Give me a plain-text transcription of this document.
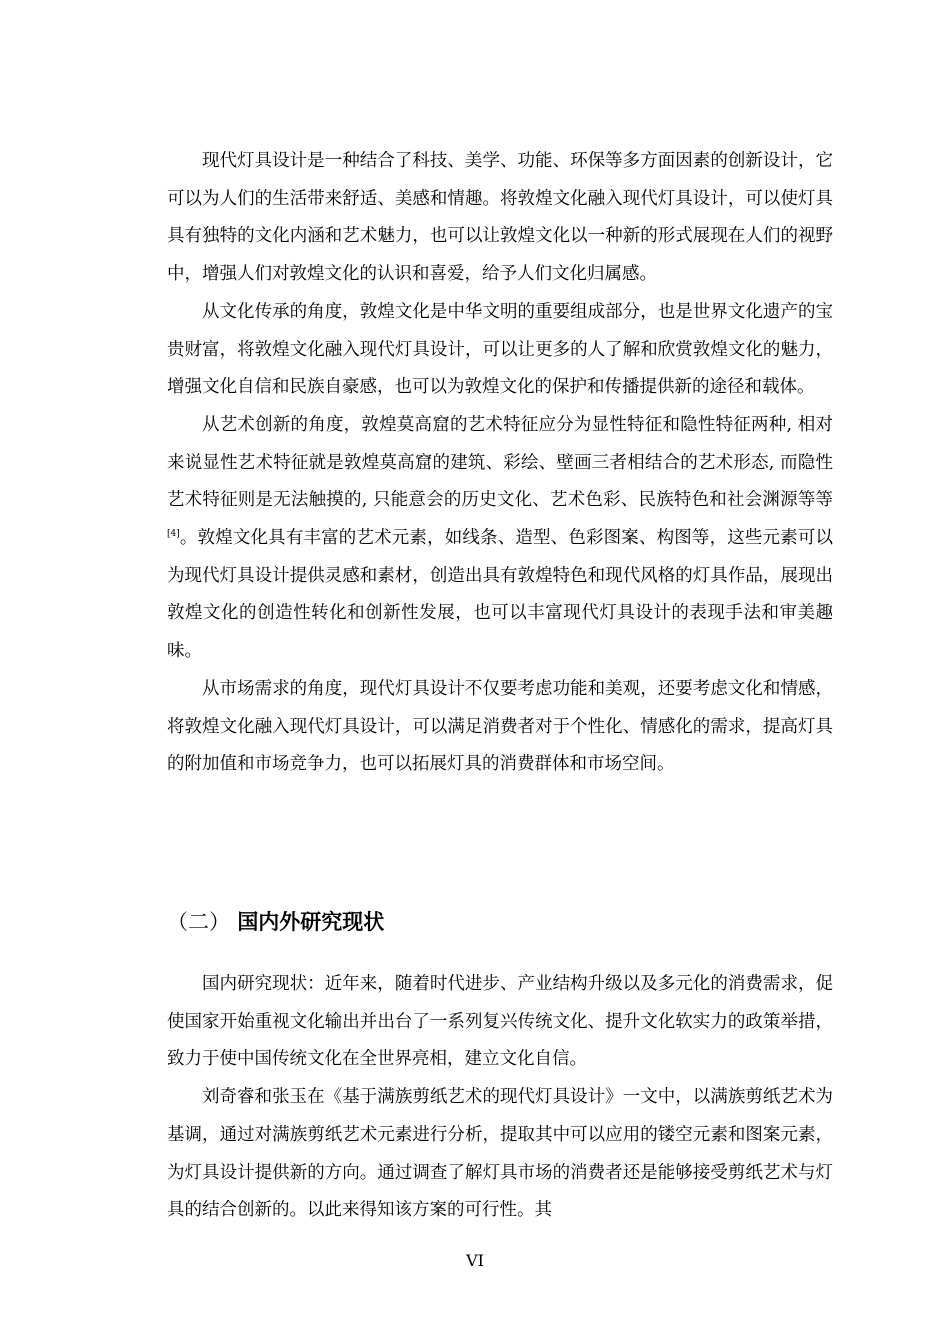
现代灯具设计是一种结合了科技、美学、功能、环保等多方面因素的创新设计，它可以为人们的生活带来舒适、美感和情趣。将敦煌文化融入现代灯具设计，可以使灯具具有独特的文化内涵和艺术魅力，也可以让敦煌文化以一种新的形式展现在人们的视野中，增强人们对敦煌文化的认识和喜爱，给予人们文化归属感。

从文化传承的角度，敦煌文化是中华文明的重要组成部分，也是世界文化遗产的宝贵财富，将敦煌文化融入现代灯具设计，可以让更多的人了解和欣赏敦煌文化的魅力，增强文化自信和民族自豪感，也可以为敦煌文化的保护和传播提供新的途径和载体。

从艺术创新的角度，敦煌莫高窟的艺术特征应分为显性特征和隐性特征两种, 相对来说显性艺术特征就是敦煌莫高窟的建筑、彩绘、壁画三者相结合的艺术形态, 而隐性艺术特征则是无法触摸的, 只能意会的历史文化、艺术色彩、民族特色和社会渊源等等[4]。敦煌文化具有丰富的艺术元素，如线条、造型、色彩图案、构图等，这些元素可以为现代灯具设计提供灵感和素材，创造出具有敦煌特色和现代风格的灯具作品，展现出敦煌文化的创造性转化和创新性发展，也可以丰富现代灯具设计的表现手法和审美趣味。

从市场需求的角度，现代灯具设计不仅要考虑功能和美观，还要考虑文化和情感，将敦煌文化融入现代灯具设计，可以满足消费者对于个性化、情感化的需求，提高灯具的附加值和市场竞争力，也可以拓展灯具的消费群体和市场空间。

（二） 国内外研究现状

国内研究现状：近年来，随着时代进步、产业结构升级以及多元化的消费需求，促使国家开始重视文化输出并出台了一系列复兴传统文化、提升文化软实力的政策举措，致力于使中国传统文化在全世界亮相，建立文化自信。

刘奇睿和张玉在《基于满族剪纸艺术的现代灯具设计》一文中，以满族剪纸艺术为基调，通过对满族剪纸艺术元素进行分析，提取其中可以应用的镂空元素和图案元素，为灯具设计提供新的方向。通过调查了解灯具市场的消费者还是能够接受剪纸艺术与灯具的结合创新的。以此来得知该方案的可行性。其

VI
